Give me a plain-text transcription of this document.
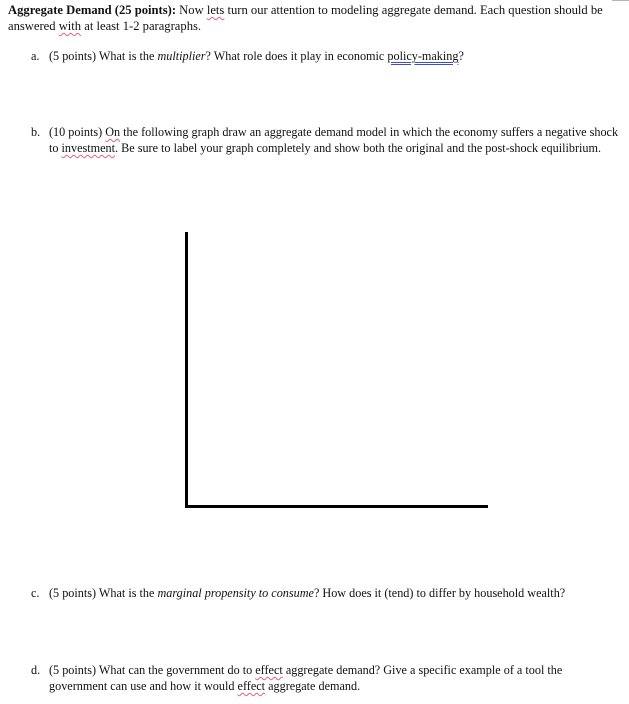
Aggregate Demand (25 points): Now lets turn our attention to modeling aggregate demand. Each question should be answered with at least 1-2 paragraphs.
a. (5 points) What is the multiplier? What role does it play in economic policy-making?
b. (10 points) On the following graph draw an aggregate demand model in which the economy suffers a negative shock to investment. Be sure to label your graph completely and show both the original and the post-shock equilibrium.
c. (5 points) What is the marginal propensity to consume? How does it (tend) to differ by household wealth?
d. (5 points) What can the government do to effect aggregate demand? Give a specific example of a tool the government can use and how it would effect aggregate demand.
